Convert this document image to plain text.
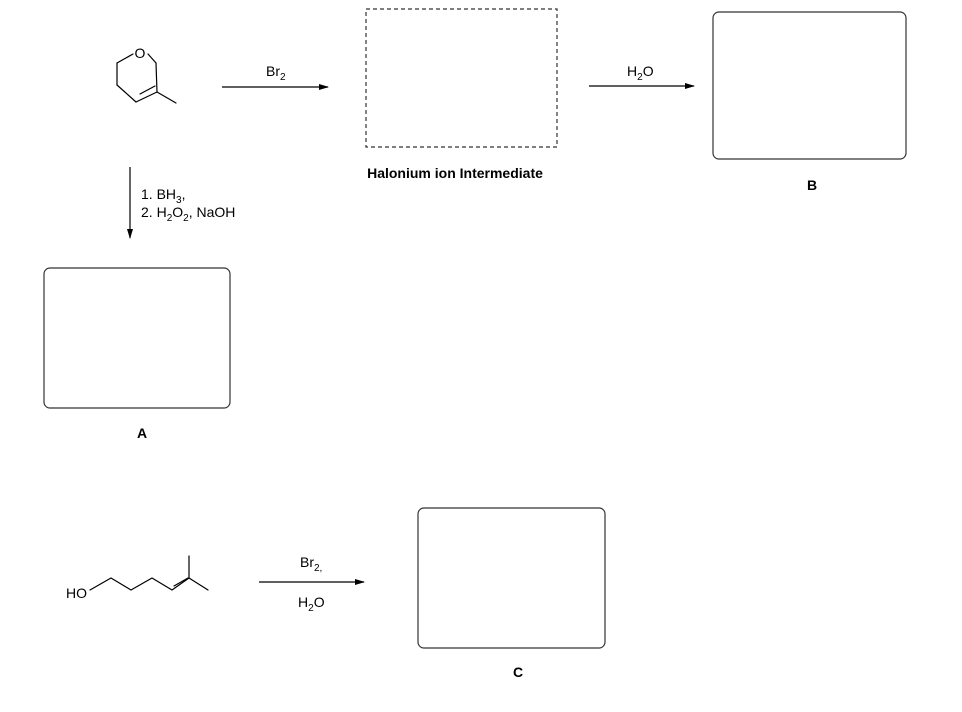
O
$Br_2$
Halonium ion Intermediate
$H_2O$
B
1. $BH_3$,
2. $H_2O_2$, NaOH
A
HO
$Br_{2,}$
$H_2O$
C
